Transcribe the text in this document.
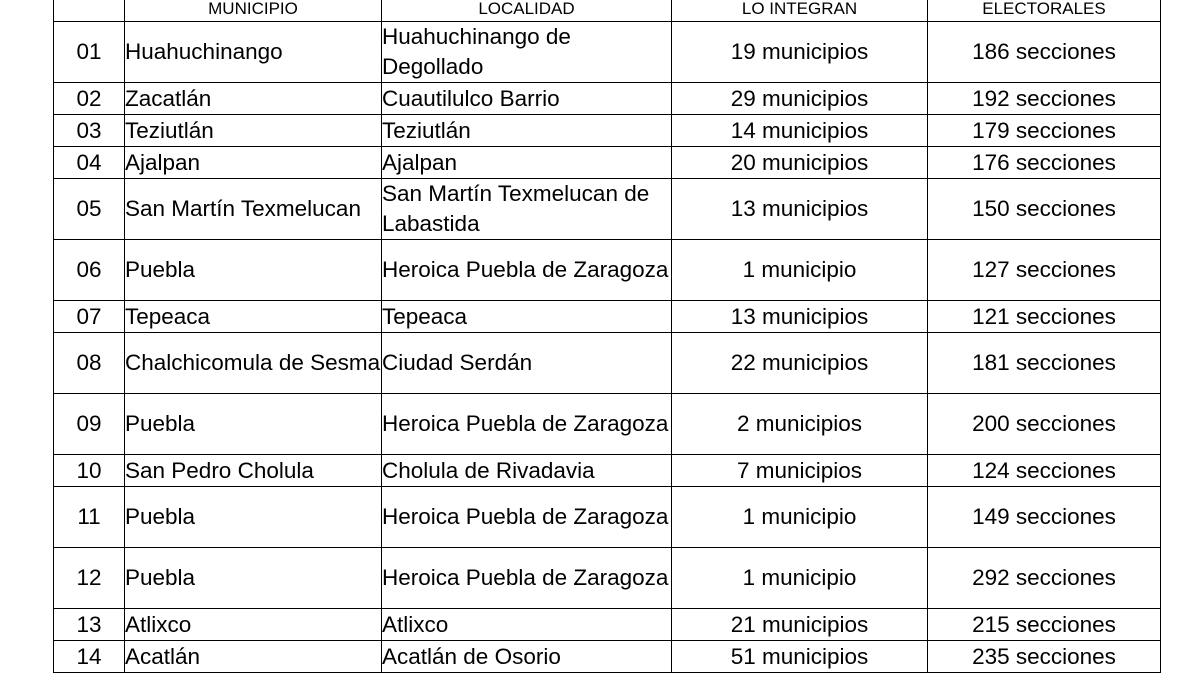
	MUNICIPIO	LOCALIDAD	LO INTEGRAN	ELECTORALES
01	Huahuchinango	Huahuchinango de Degollado	19 municipios	186 secciones
02	Zacatlán	Cuautilulco Barrio	29 municipios	192 secciones
03	Teziutlán	Teziutlán	14 municipios	179 secciones
04	Ajalpan	Ajalpan	20 municipios	176 secciones
05	San Martín Texmelucan	San Martín Texmelucan de Labastida	13 municipios	150 secciones
06	Puebla	Heroica Puebla de Zaragoza	1 municipio	127 secciones
07	Tepeaca	Tepeaca	13 municipios	121 secciones
08	Chalchicomula de Sesma	Ciudad Serdán	22 municipios	181 secciones
09	Puebla	Heroica Puebla de Zaragoza	2 municipios	200 secciones
10	San Pedro Cholula	Cholula de Rivadavia	7 municipios	124 secciones
11	Puebla	Heroica Puebla de Zaragoza	1 municipio	149 secciones
12	Puebla	Heroica Puebla de Zaragoza	1 municipio	292 secciones
13	Atlixco	Atlixco	21 municipios	215 secciones
14	Acatlán	Acatlán de Osorio	51 municipios	235 secciones
